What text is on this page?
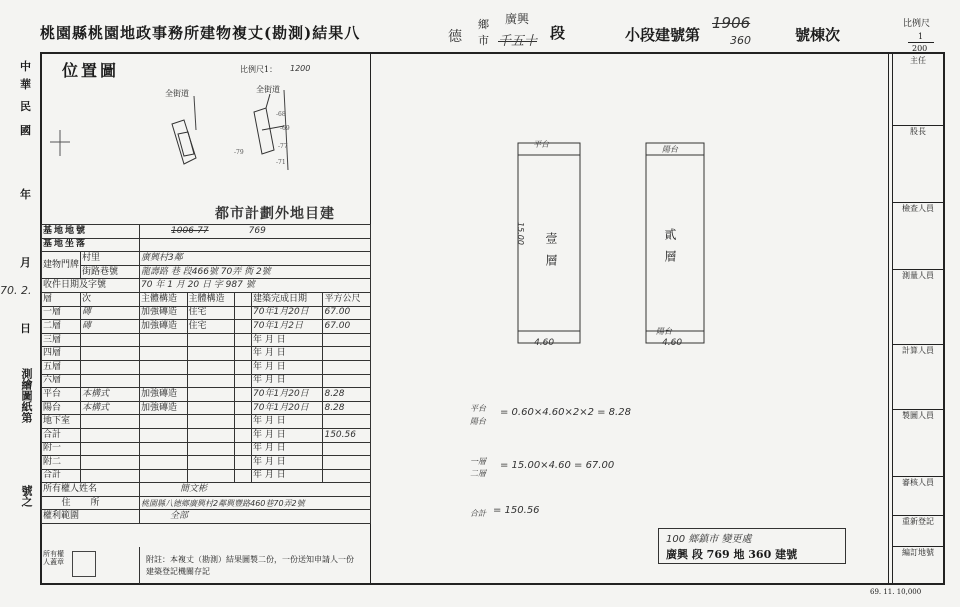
桃園縣桃園地政事務所建物複丈(勘測)結果八	德
鄉
市
廣興
千五十 段	小段建號第
1906
360	號棟次
比例尺
1
200
中
華
民
國
年
月
70. 2.
日
測繪圖紙第
號之
位置圖	比例尺1： 1200
全街道	全街道
-68
-69
-79
-77
-71
都市計劃外地目建
基地地號		1006-77 769				
基地坐落						
建物門牌	村里	廣興村3鄰				
	街路巷號	龍壽路 巷 段466號 70弄 衖 2號				
收件日期及字號		70 年 1 月 20 日 字 987 號				
層	次	主體構造	主體構造		建築完成日期	平方公尺
一層	磚	加強磚造	住宅		70年1月20日	67.00
二層	磚	加強磚造	住宅		70年1月2日	67.00
三層					年 月 日	
四層					年 月 日	
五層					年 月 日	
六層					年 月 日	
平台	本構式	加強磚造			70年1月20日	8.28
陽台	本構式	加強磚造			70年1月20日	8.28
地下室					年 月 日	
合計					年 月 日	150.56
附一					年 月 日	
附二					年 月 日	
合計					年 月 日	
所有權人姓名		簡文彬				
住所		桃園縣八德鄉廣興村2鄰興豐路460巷70弄2號				
權利範圍		全部				
所有權人蓋章	附註：本複丈（勘測）結果圖製二份，一份送知申請人一份建築登記機關存記
平台
壹層
15.00
4.60
陽台
貳層
陽台
4.60
平台
陽台
= 0.60×4.60×2×2 = 8.28
一層
二層
= 15.00×4.60 = 67.00
合計 = 150.56
100 鄉鎮市 變更處
廣興 段 769 地 360 建號
主任
股長
檢查人員
測量人員
計算人員
製圖人員
審核人員
重新登記
編訂地號
69. 11. 10,000
